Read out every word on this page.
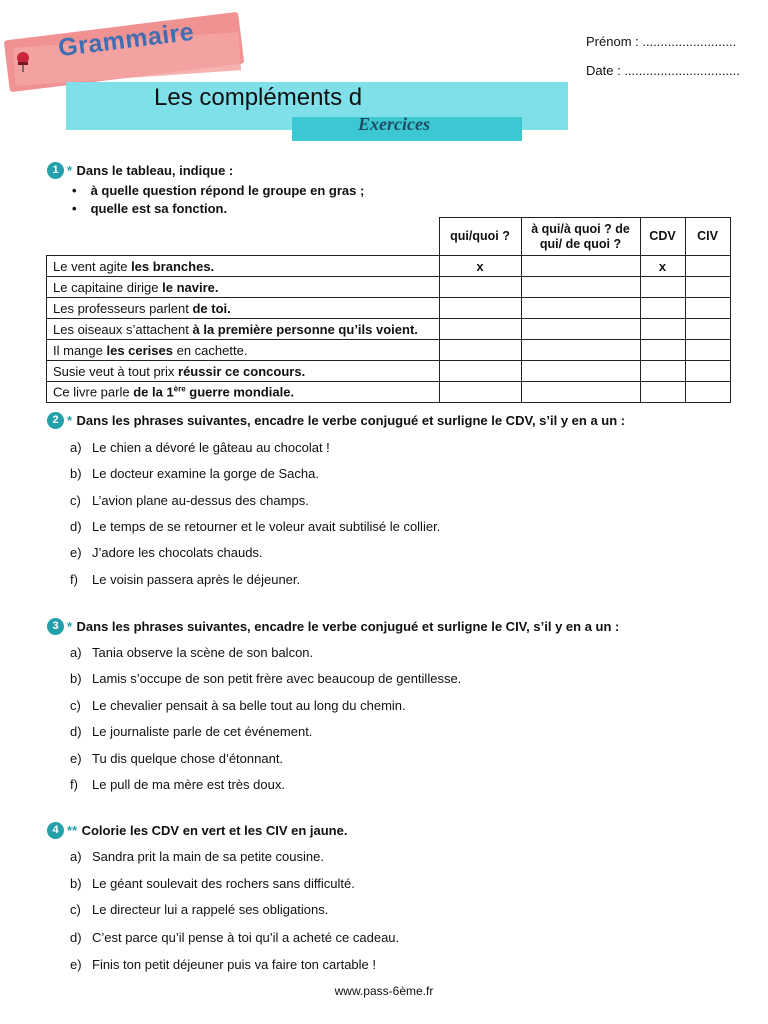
Grammaire
Les compléments d
Exercices
Prénom : ..........................
Date : ................................
1 * Dans le tableau, indique :
• à quelle question répond le groupe en gras ;
• quelle est sa fonction.
	qui/quoi ?	à qui/à quoi ? de qui/ de quoi ?	CDV	CIV
Le vent agite les branches.	x		x	
Le capitaine dirige le navire.				
Les professeurs parlent de toi.				
Les oiseaux s’attachent à la première personne qu’ils voient.				
Il mange les cerises en cachette.				
Susie veut à tout prix réussir ce concours.				
Ce livre parle de la 1ère guerre mondiale.				
2 * Dans les phrases suivantes, encadre le verbe conjugué et surligne le CDV, s’il y en a un :
a) Le chien a dévoré le gâteau au chocolat !
b) Le docteur examine la gorge de Sacha.
c) L’avion plane au-dessus des champs.
d) Le temps de se retourner et le voleur avait subtilisé le collier.
e) J’adore les chocolats chauds.
f) Le voisin passera après le déjeuner.
3 * Dans les phrases suivantes, encadre le verbe conjugué et surligne le CIV, s’il y en a un :
a) Tania observe la scène de son balcon.
b) Lamis s’occupe de son petit frère avec beaucoup de gentillesse.
c) Le chevalier pensait à sa belle tout au long du chemin.
d) Le journaliste parle de cet événement.
e) Tu dis quelque chose d’étonnant.
f) Le pull de ma mère est très doux.
4 ** Colorie les CDV en vert et les CIV en jaune.
a) Sandra prit la main de sa petite cousine.
b) Le géant soulevait des rochers sans difficulté.
c) Le directeur lui a rappelé ses obligations.
d) C’est parce qu’il pense à toi qu’il a acheté ce cadeau.
e) Finis ton petit déjeuner puis va faire ton cartable !
www.pass-6ème.fr
